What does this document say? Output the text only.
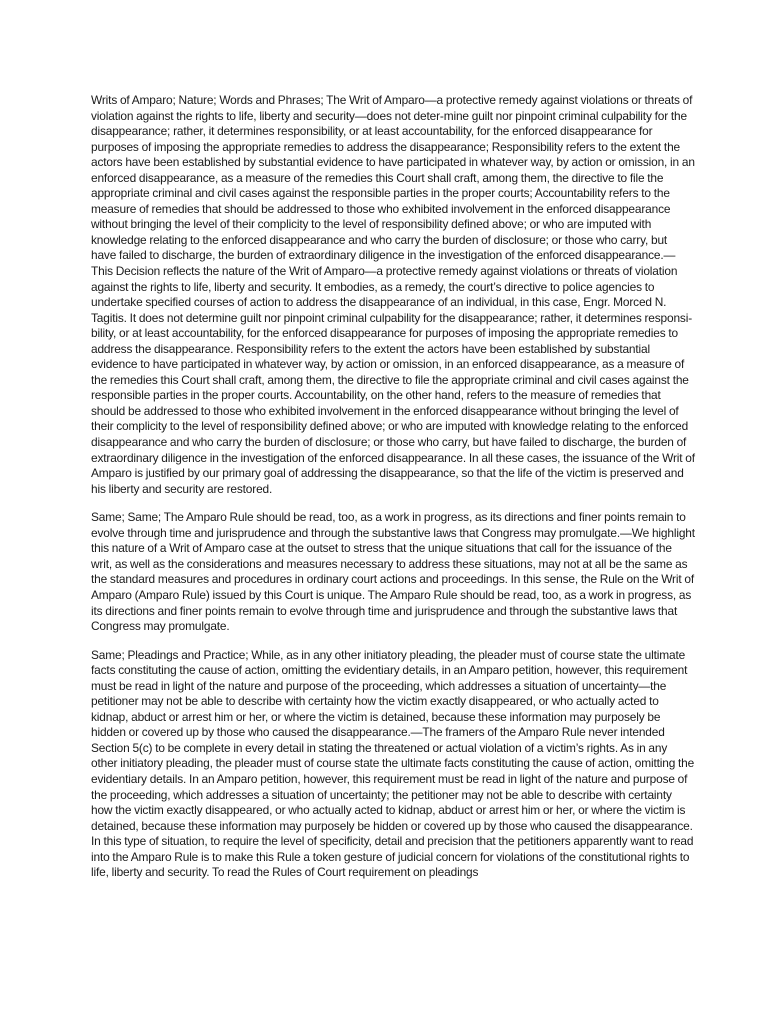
Writs of Amparo; Nature; Words and Phrases; The Writ of Amparo—a protective remedy against violations or threats of violation against the rights to life, liberty and security—does not deter-mine guilt nor pinpoint criminal culpability for the disappearance; rather, it determines responsibility, or at least accountability, for the enforced disappearance for purposes of imposing the appropriate remedies to address the disappearance; Responsibility refers to the extent the actors have been established by substantial evidence to have participated in whatever way, by action or omission, in an enforced disappearance, as a measure of the remedies this Court shall craft, among them, the directive to file the appropriate criminal and civil cases against the responsible parties in the proper courts; Accountability refers to the measure of remedies that should be addressed to those who exhibited involvement in the enforced disappearance without bringing the level of their complicity to the level of responsibility defined above; or who are imputed with knowledge relating to the enforced disappearance and who carry the burden of disclosure; or those who carry, but have failed to discharge, the burden of extraordinary diligence in the investigation of the enforced disappearance.—This Decision reflects the nature of the Writ of Amparo—a protective remedy against violations or threats of violation against the rights to life, liberty and security. It embodies, as a remedy, the court’s directive to police agencies to undertake specified courses of action to address the disappearance of an individual, in this case, Engr. Morced N. Tagitis. It does not determine guilt nor pinpoint criminal culpability for the disappearance; rather, it determines responsi-bility, or at least accountability, for the enforced disappearance for purposes of imposing the appropriate remedies to address the disappearance. Responsibility refers to the extent the actors have been established by substantial evidence to have participated in whatever way, by action or omission, in an enforced disappearance, as a measure of the remedies this Court shall craft, among them, the directive to file the appropriate criminal and civil cases against the responsible parties in the proper courts. Accountability, on the other hand, refers to the measure of remedies that should be addressed to those who exhibited involvement in the enforced disappearance without bringing the level of their complicity to the level of responsibility defined above; or who are imputed with knowledge relating to the enforced disappearance and who carry the burden of disclosure; or those who carry, but have failed to discharge, the burden of extraordinary diligence in the investigation of the enforced disappearance. In all these cases, the issuance of the Writ of Amparo is justified by our primary goal of addressing the disappearance, so that the life of the victim is preserved and his liberty and security are restored.

Same; Same; The Amparo Rule should be read, too, as a work in progress, as its directions and finer points remain to evolve through time and jurisprudence and through the substantive laws that Congress may promulgate.—We highlight this nature of a Writ of Amparo case at the outset to stress that the unique situations that call for the issuance of the writ, as well as the considerations and measures necessary to address these situations, may not at all be the same as the standard measures and procedures in ordinary court actions and proceedings. In this sense, the Rule on the Writ of Amparo (Amparo Rule) issued by this Court is unique. The Amparo Rule should be read, too, as a work in progress, as its directions and finer points remain to evolve through time and jurisprudence and through the substantive laws that Congress may promulgate.

Same; Pleadings and Practice; While, as in any other initiatory pleading, the pleader must of course state the ultimate facts constituting the cause of action, omitting the evidentiary details, in an Amparo petition, however, this requirement must be read in light of the nature and purpose of the proceeding, which addresses a situation of uncertainty—the petitioner may not be able to describe with certainty how the victim exactly disappeared, or who actually acted to kidnap, abduct or arrest him or her, or where the victim is detained, because these information may purposely be hidden or covered up by those who caused the disappearance.—The framers of the Amparo Rule never intended Section 5(c) to be complete in every detail in stating the threatened or actual violation of a victim’s rights. As in any other initiatory pleading, the pleader must of course state the ultimate facts constituting the cause of action, omitting the evidentiary details. In an Amparo petition, however, this requirement must be read in light of the nature and purpose of the proceeding, which addresses a situation of uncertainty; the petitioner may not be able to describe with certainty how the victim exactly disappeared, or who actually acted to kidnap, abduct or arrest him or her, or where the victim is detained, because these information may purposely be hidden or covered up by those who caused the disappearance. In this type of situation, to require the level of specificity, detail and precision that the petitioners apparently want to read into the Amparo Rule is to make this Rule a token gesture of judicial concern for violations of the constitutional rights to life, liberty and security. To read the Rules of Court requirement on pleadings
